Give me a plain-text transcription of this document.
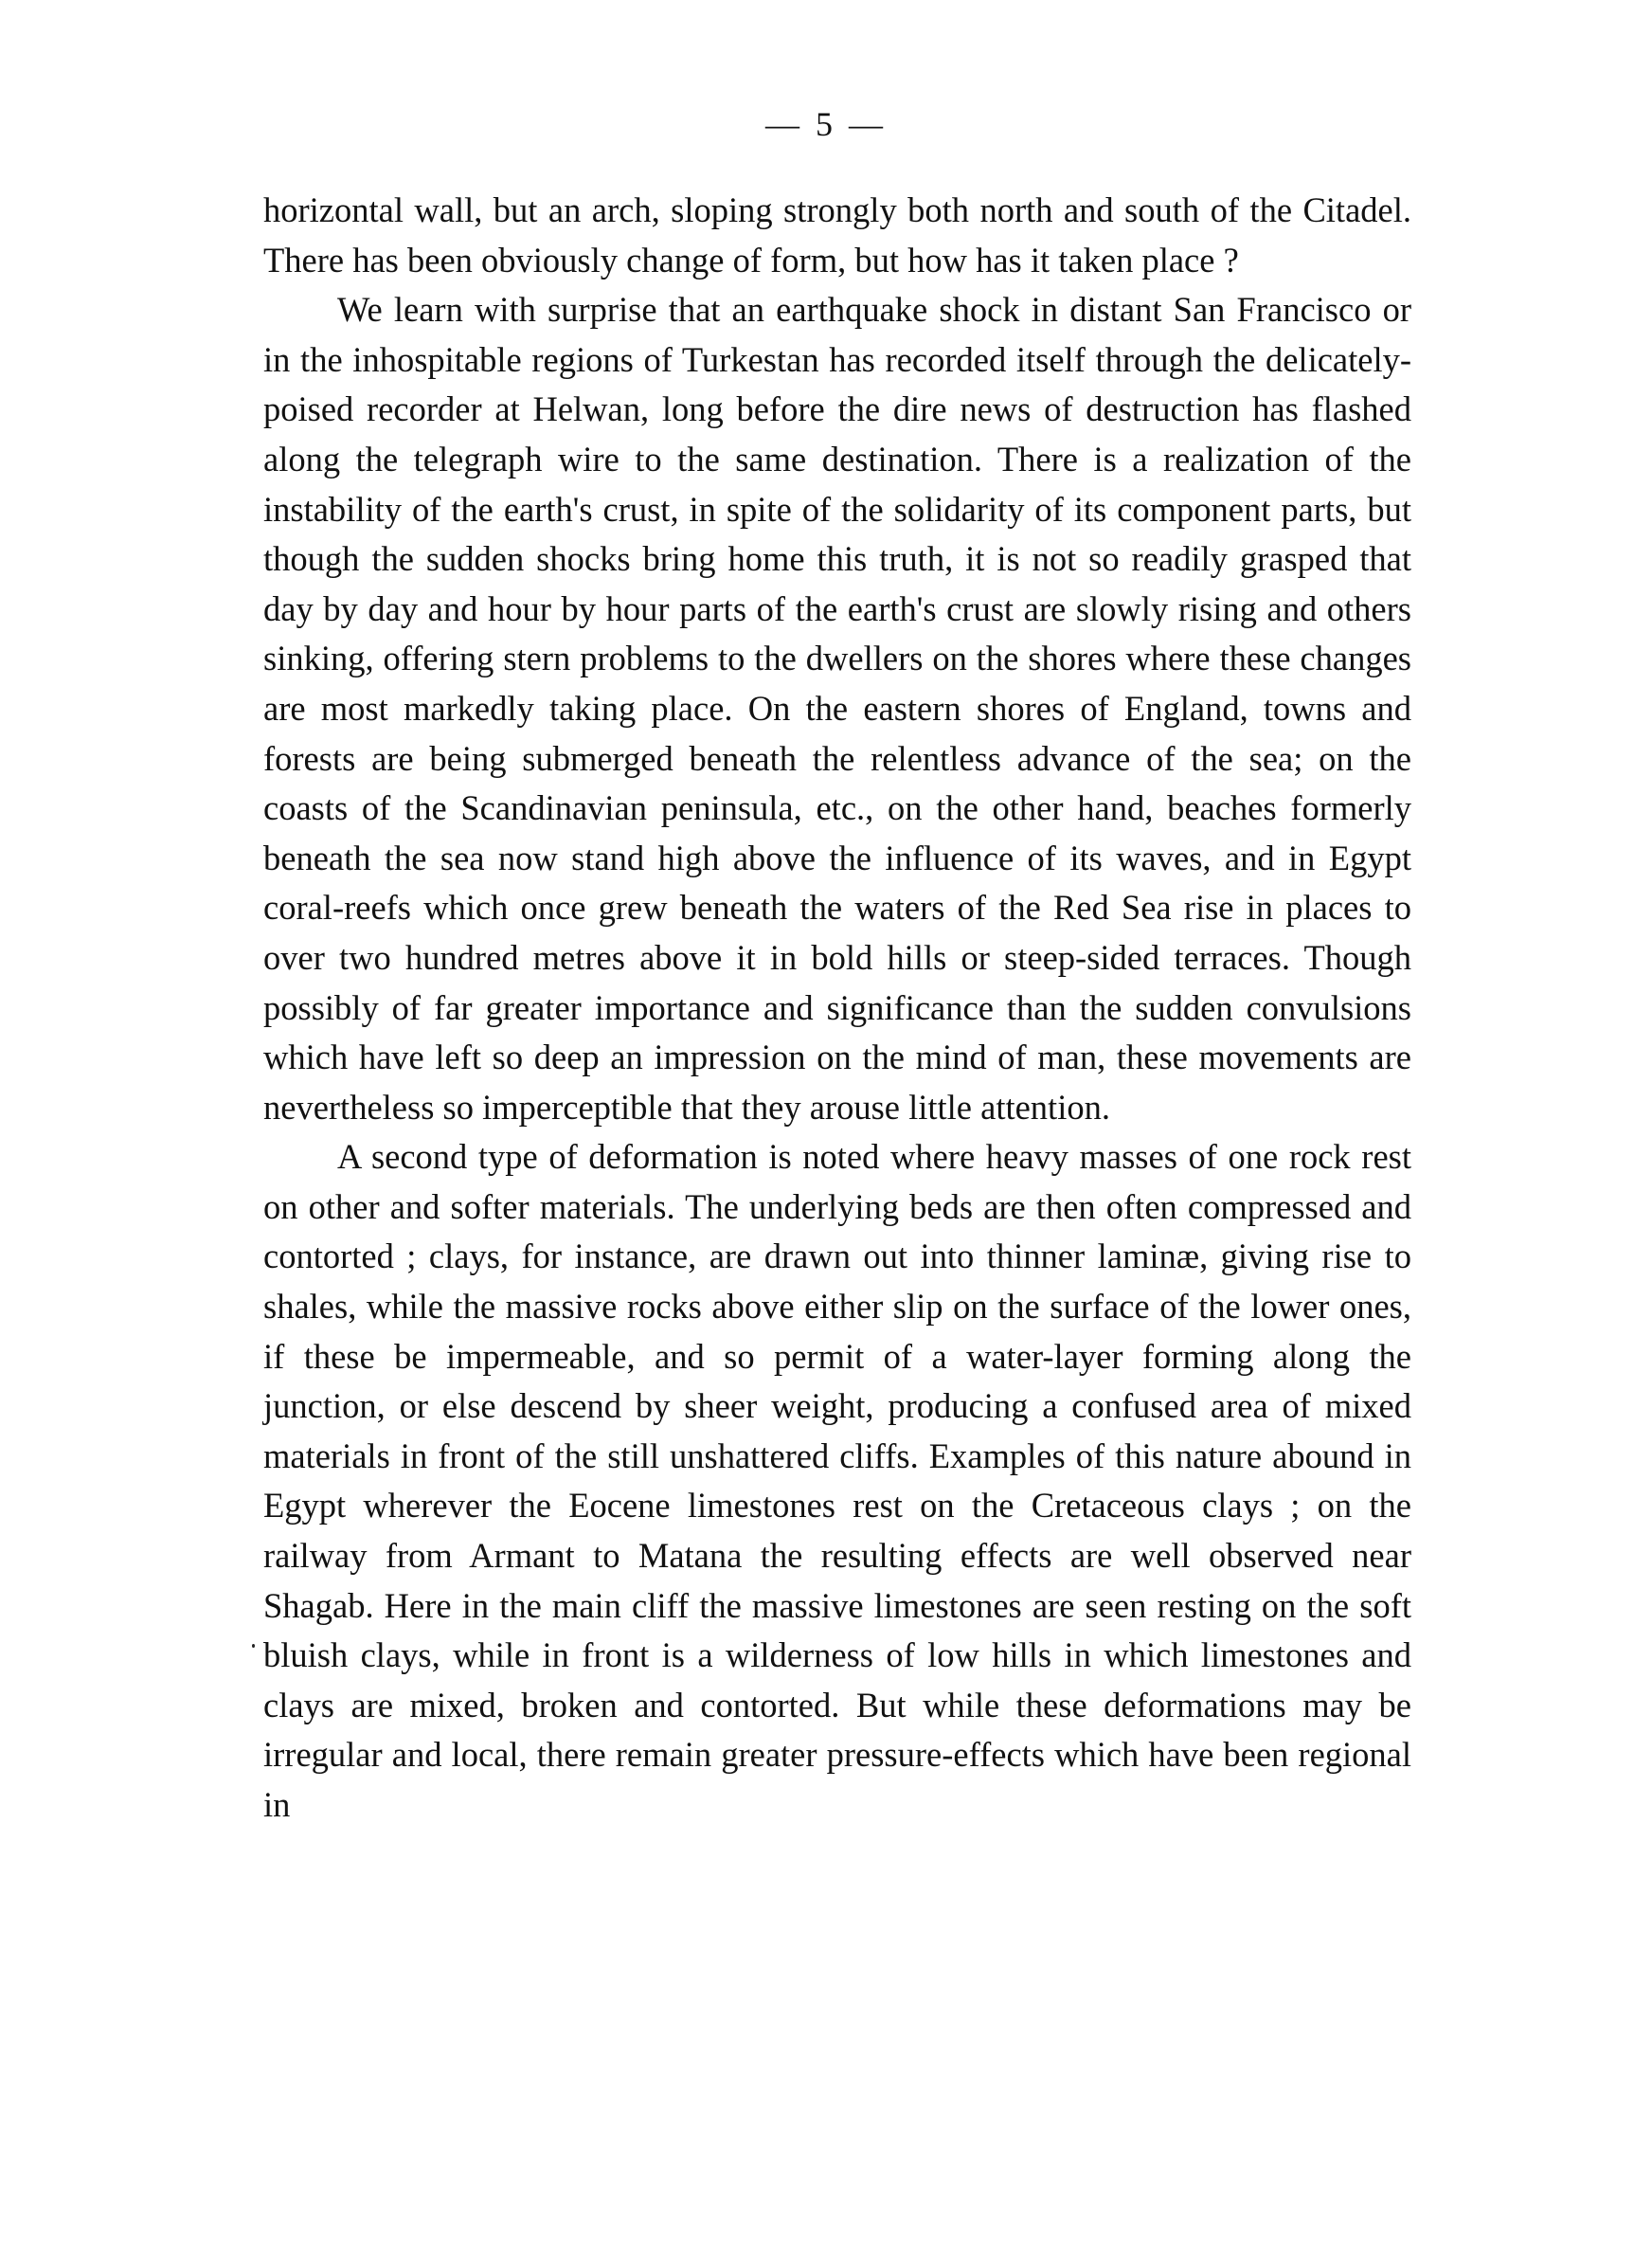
— 5 —

horizontal wall, but an arch, sloping strongly both north and south of the Citadel. There has been obviously change of form, but how has it taken place ?

We learn with surprise that an earthquake shock in distant San Francisco or in the inhospitable regions of Turkestan has recorded itself through the delicately-poised recorder at Helwan, long before the dire news of destruction has flashed along the telegraph wire to the same destination. There is a realization of the instability of the earth's crust, in spite of the solidarity of its component parts, but though the sudden shocks bring home this truth, it is not so readily grasped that day by day and hour by hour parts of the earth's crust are slowly rising and others sinking, offering stern problems to the dwellers on the shores where these changes are most markedly taking place. On the eastern shores of England, towns and forests are being submerged beneath the relentless advance of the sea; on the coasts of the Scandinavian peninsula, etc., on the other hand, beaches formerly beneath the sea now stand high above the influence of its waves, and in Egypt coral-reefs which once grew beneath the waters of the Red Sea rise in places to over two hundred metres above it in bold hills or steep-sided terraces. Though possibly of far greater importance and significance than the sudden convulsions which have left so deep an impression on the mind of man, these movements are nevertheless so imperceptible that they arouse little attention.

A second type of deformation is noted where heavy masses of one rock rest on other and softer materials. The underlying beds are then often compressed and contorted ; clays, for instance, are drawn out into thinner laminæ, giving rise to shales, while the massive rocks above either slip on the surface of the lower ones, if these be impermeable, and so permit of a water-layer forming along the junction, or else descend by sheer weight, producing a confused area of mixed materials in front of the still unshattered cliffs. Examples of this nature abound in Egypt wherever the Eocene limestones rest on the Cretaceous clays ; on the railway from Armant to Matana the resulting effects are well observed near Shagab. Here in the main cliff the massive limestones are seen resting on the soft bluish clays, while in front is a wilderness of low hills in which limestones and clays are mixed, broken and contorted. But while these deformations may be irregular and local, there remain greater pressure-effects which have been regional in
